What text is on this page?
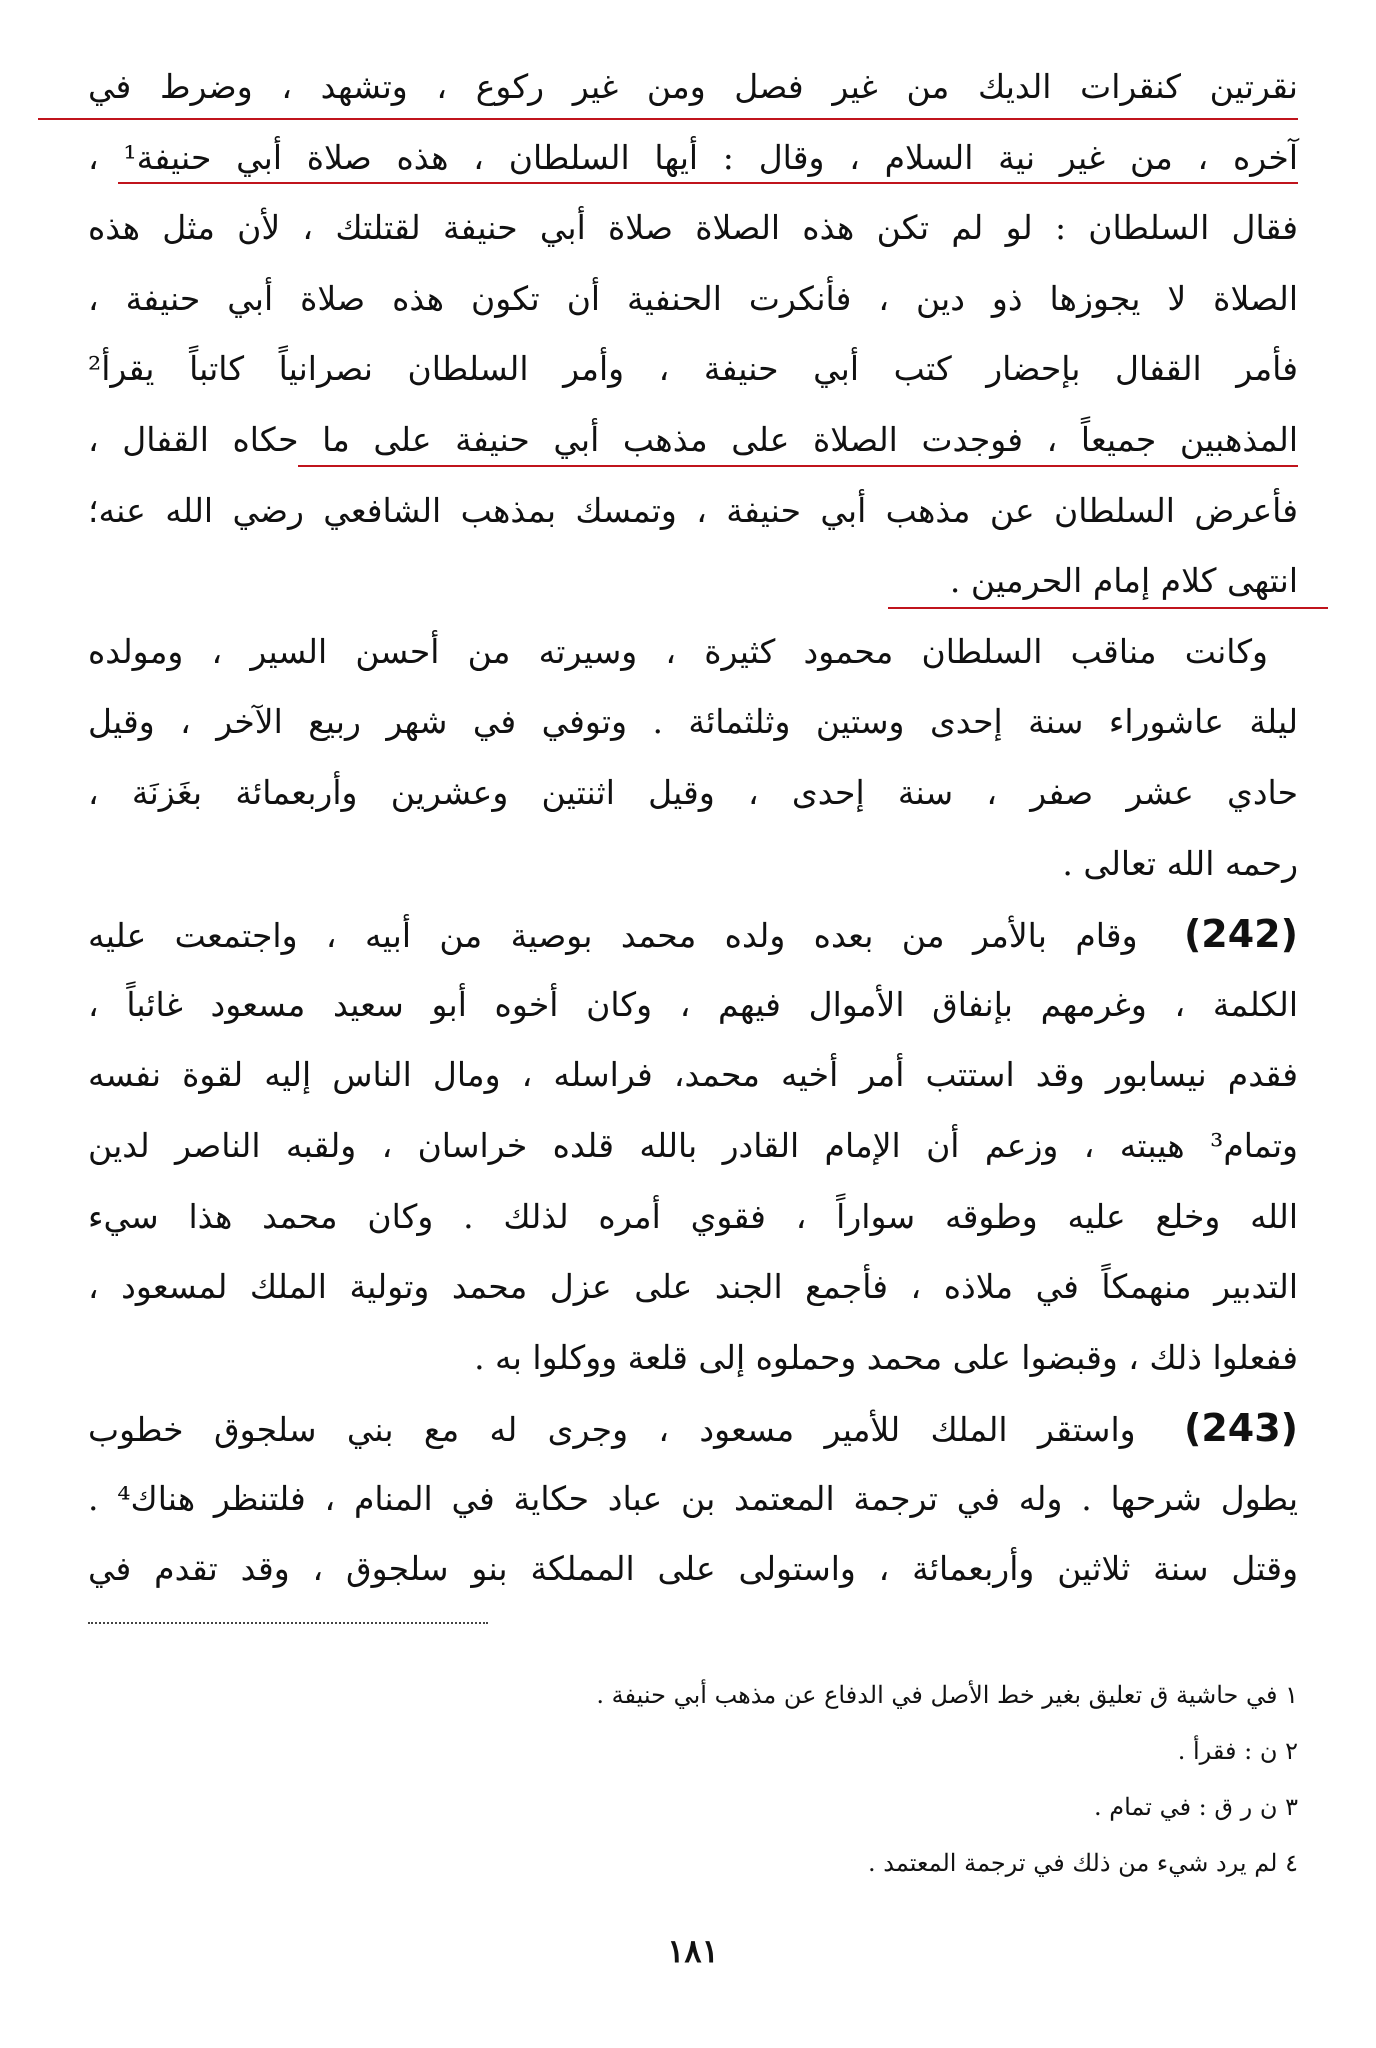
نقرتين كنقرات الديك من غير فصل ومن غير ركوع ، وتشهد ، وضرط في
آخره ، من غير نية السلام ، وقال : أيها السلطان ، هذه صلاة أبي حنيفة¹ ،
فقال السلطان : لو لم تكن هذه الصلاة صلاة أبي حنيفة لقتلتك ، لأن مثل هذه
الصلاة لا يجوزها ذو دين ، فأنكرت الحنفية أن تكون هذه صلاة أبي حنيفة ،
فأمر القفال بإحضار كتب أبي حنيفة ، وأمر السلطان نصرانياً كاتباً يقرأ²
المذهبين جميعاً ، فوجدت الصلاة على مذهب أبي حنيفة على ما حكاه القفال ،
فأعرض السلطان عن مذهب أبي حنيفة ، وتمسك بمذهب الشافعي رضي الله عنه؛
انتهى كلام إمام الحرمين .
وكانت مناقب السلطان محمود كثيرة ، وسيرته من أحسن السير ، ومولده
ليلة عاشوراء سنة إحدى وستين وثلثمائة . وتوفي في شهر ربيع الآخر ، وقيل
حادي عشر صفر ، سنة إحدى ، وقيل اثنتين وعشرين وأربعمائة بغَزنَة ،
رحمه الله تعالى .
(242) وقام بالأمر من بعده ولده محمد بوصية من أبيه ، واجتمعت عليه
الكلمة ، وغرمهم بإنفاق الأموال فيهم ، وكان أخوه أبو سعيد مسعود غائباً ،
فقدم نيسابور وقد استتب أمر أخيه محمد، فراسله ، ومال الناس إليه لقوة نفسه
وتمام³ هيبته ، وزعم أن الإمام القادر بالله قلده خراسان ، ولقبه الناصر لدين
الله وخلع عليه وطوقه سواراً ، فقوي أمره لذلك . وكان محمد هذا سيء
التدبير منهمكاً في ملاذه ، فأجمع الجند على عزل محمد وتولية الملك لمسعود ،
ففعلوا ذلك ، وقبضوا على محمد وحملوه إلى قلعة ووكلوا به .
(243) واستقر الملك للأمير مسعود ، وجرى له مع بني سلجوق خطوب
يطول شرحها . وله في ترجمة المعتمد بن عباد حكاية في المنام ، فلتنظر هناك⁴ .
وقتل سنة ثلاثين وأربعمائة ، واستولى على المملكة بنو سلجوق ، وقد تقدم في
١ في حاشية ق تعليق بغير خط الأصل في الدفاع عن مذهب أبي حنيفة .
٢ ن : فقرأ .
٣ ن ر ق : في تمام .
٤ لم يرد شيء من ذلك في ترجمة المعتمد .
١٨١
